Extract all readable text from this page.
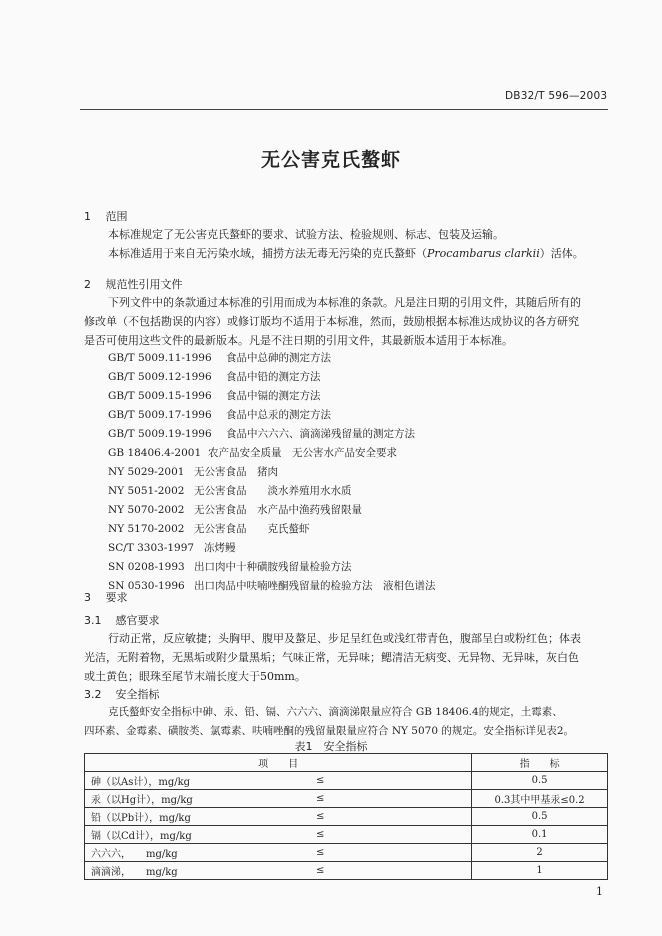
DB32/T 596—2003
无公害克氏螯虾
1 范围
本标准规定了无公害克氏螯虾的要求、试验方法、检验规则、标志、包装及运输。
本标准适用于来自无污染水域，捕捞方法无毒无污染的克氏螯虾（Procambarus clarkii）活体。
2 规范性引用文件
下列文件中的条款通过本标准的引用而成为本标准的条款。凡是注日期的引用文件，其随后所有的
修改单（不包括勘误的内容）或修订版均不适用于本标准，然而，鼓励根据本标准达成协议的各方研究
是否可使用这些文件的最新版本。凡是不注日期的引用文件，其最新版本适用于本标准。
GB/T 5009.11-1996 食品中总砷的测定方法
GB/T 5009.12-1996 食品中铅的测定方法
GB/T 5009.15-1996 食品中镉的测定方法
GB/T 5009.17-1996 食品中总汞的测定方法
GB/T 5009.19-1996 食品中六六六、滴滴涕残留量的测定方法
GB 18406.4-2001 农产品安全质量　无公害水产品安全要求
NY 5029-2001 无公害食品　猪肉
NY 5051-2002 无公害食品　　淡水养殖用水水质
NY 5070-2002 无公害食品　水产品中渔药残留限量
NY 5170-2002 无公害食品　　克氏螯虾
SC/T 3303-1997 冻烤鳗
SN 0208-1993 出口肉中十种磺胺残留量检验方法
SN 0530-1996 出口肉品中呋喃唑酮残留量的检验方法　液相色谱法
3 要求
3.1 感官要求
行动正常，反应敏捷；头胸甲、腹甲及螯足、步足呈红色或浅红带青色，腹部呈白或粉红色；体表
光洁，无附着物，无黑垢或附少量黑垢；气味正常，无异味；鳃清洁无病变、无异物、无异味，灰白色
或土黄色；眼珠至尾节末端长度大于50mm。
3.2 安全指标
克氏螯虾安全指标中砷、汞、铅、镉、六六六、滴滴涕限量应符合 GB 18406.4的规定，土霉素、
四环素、金霉素、磺胺类、氯霉素、呋喃唑酮的残留量限量应符合 NY 5070 的规定。安全指标详见表2。
表1　安全指标
项　　目		指　　标
砷（以As计），mg/kg	≤	0.5
汞（以Hg计），mg/kg	≤	0.3其中甲基汞≤0.2
铅（以Pb计），mg/kg	≤	0.5
镉（以Cd计），mg/kg	≤	0.1
六六六，　　mg/kg	≤	2
滴滴涕，　　mg/kg	≤	1
1
